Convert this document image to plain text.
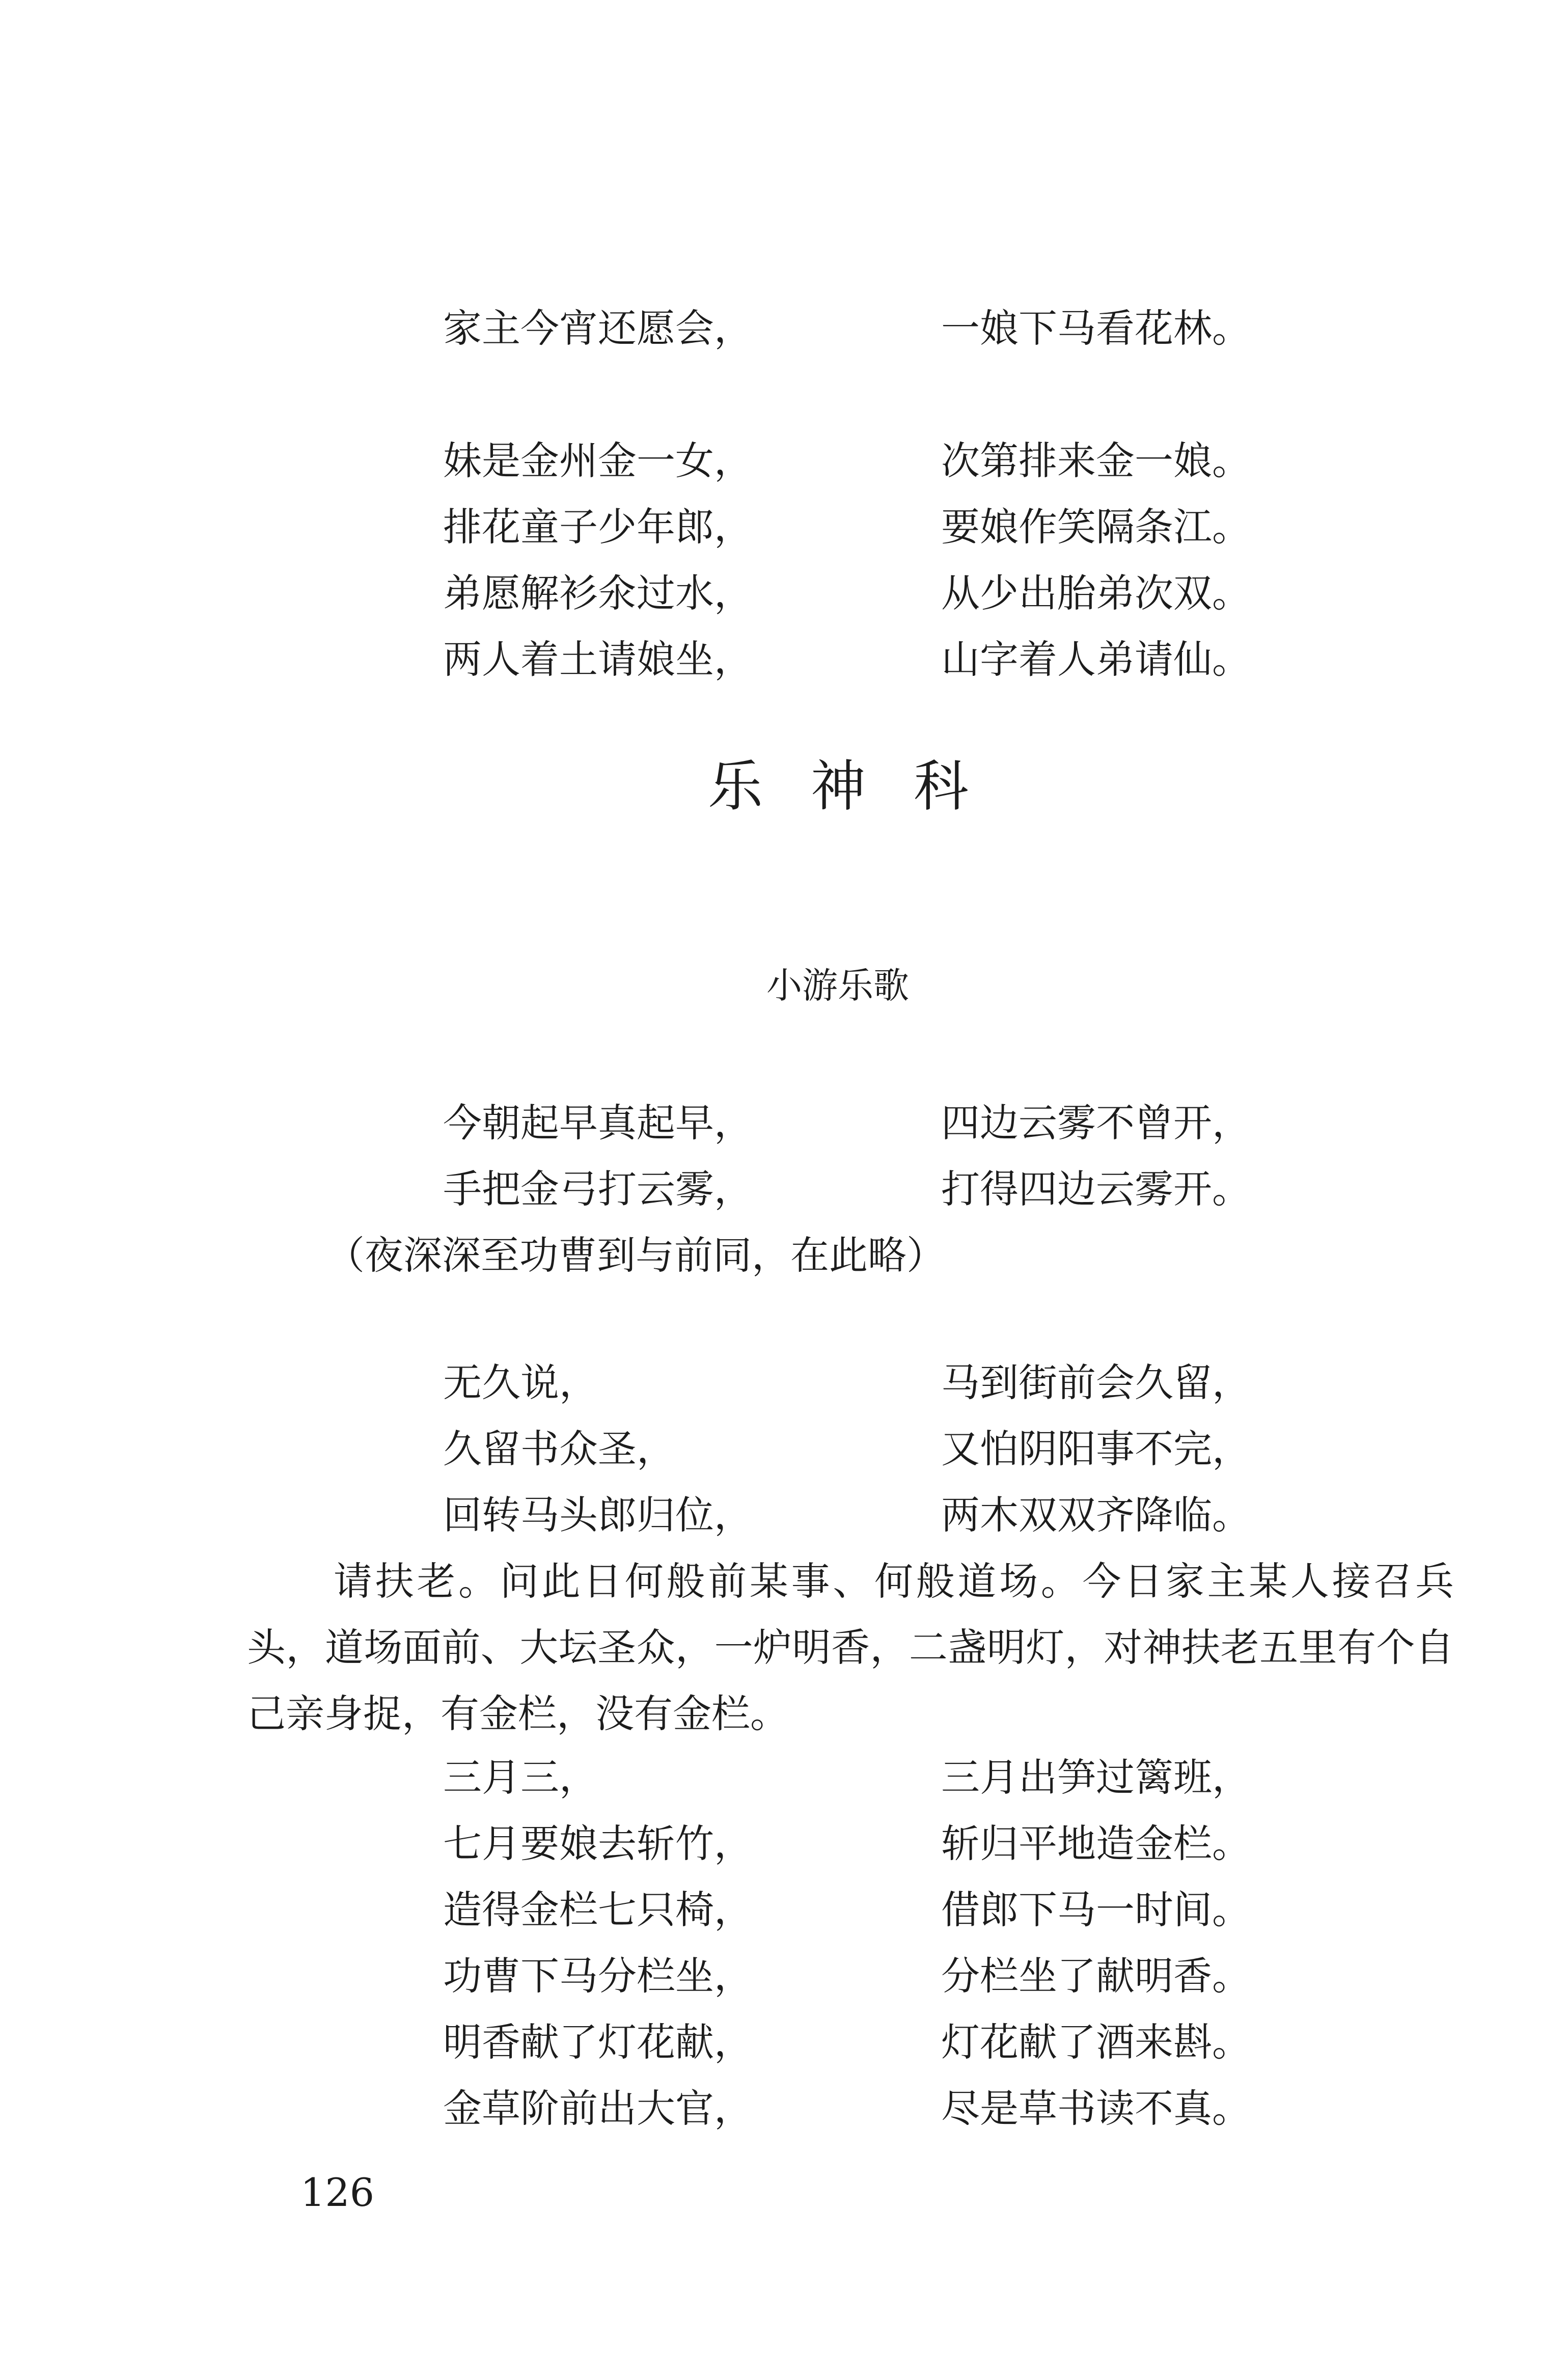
家主今宵还愿会，	一娘下马看花林。
妹是金州金一女，	次第排来金一娘。
排花童子少年郎，	要娘作笑隔条江。
弟愿解衫氽过水，	从少出胎弟次双。
两人着土请娘坐，	山字着人弟请仙。
乐神科
小游乐歌
今朝起早真起早，	四边云雾不曾开，
手把金弓打云雾，	打得四边云雾开。
（夜深深至功曹到与前同，在此略）
无久说，	马到街前会久留，
久留书众圣，	又怕阴阳事不完，
回转马头郎归位，	两木双双齐降临。
请扶老。问此日何般前某事、何般道场。今日家主某人接召兵头，道场面前、大坛圣众，一炉明香，二盏明灯，对神扶老五里有个自己亲身捉，有金栏，没有金栏。
三月三，	三月出笋过篱班，
七月要娘去斩竹，	斩归平地造金栏。
造得金栏七只椅，	借郎下马一时间。
功曹下马分栏坐，	分栏坐了献明香。
明香献了灯花献，	灯花献了酒来斟。
金草阶前出大官，	尽是草书读不真。
126
